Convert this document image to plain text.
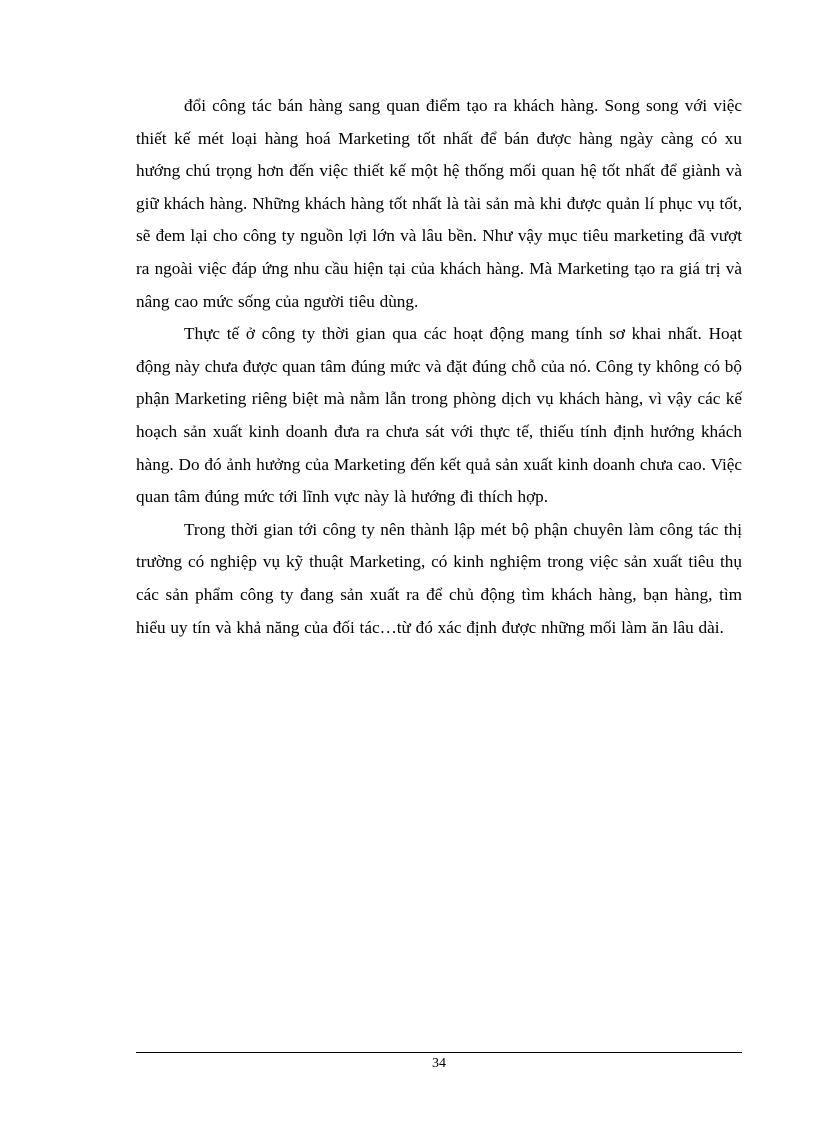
đổi công tác bán hàng sang quan điểm tạo ra khách hàng. Song song với việc thiết kế mét loại hàng hoá Marketing tốt nhất để bán được hàng ngày càng có xu hướng chú trọng hơn đến việc thiết kế một hệ thống mối quan hệ tốt nhất để giành và giữ khách hàng. Những khách hàng tốt nhất là tài sản mà khi được quản lí phục vụ tốt, sẽ đem lại cho công ty nguồn lợi lớn và lâu bền. Như vậy mục tiêu marketing đã vượt ra ngoài việc đáp ứng nhu cầu hiện tại của khách hàng. Mà Marketing tạo ra giá trị và nâng cao mức sống của người tiêu dùng.

Thực tế ở công ty thời gian qua các hoạt động mang tính sơ khai nhất. Hoạt động này chưa được quan tâm đúng mức và đặt đúng chỗ của nó. Công ty không có bộ phận Marketing riêng biệt mà nằm lẫn trong phòng dịch vụ khách hàng, vì vậy các kế hoạch sản xuất kinh doanh đưa ra chưa sát với thực tế, thiếu tính định hướng khách hàng. Do đó ảnh hưởng của Marketing đến kết quả sản xuất kinh doanh chưa cao. Việc quan tâm đúng mức tới lĩnh vực này là hướng đi thích hợp.

Trong thời gian tới công ty nên thành lập mét bộ phận chuyên làm công tác thị trường có nghiệp vụ kỹ thuật Marketing, có kinh nghiệm trong việc sản xuất tiêu thụ các sản phẩm công ty đang sản xuất ra để chủ động tìm khách hàng, bạn hàng, tìm hiểu uy tín và khả năng của đối tác…từ đó xác định được những mối làm ăn lâu dài.

34
